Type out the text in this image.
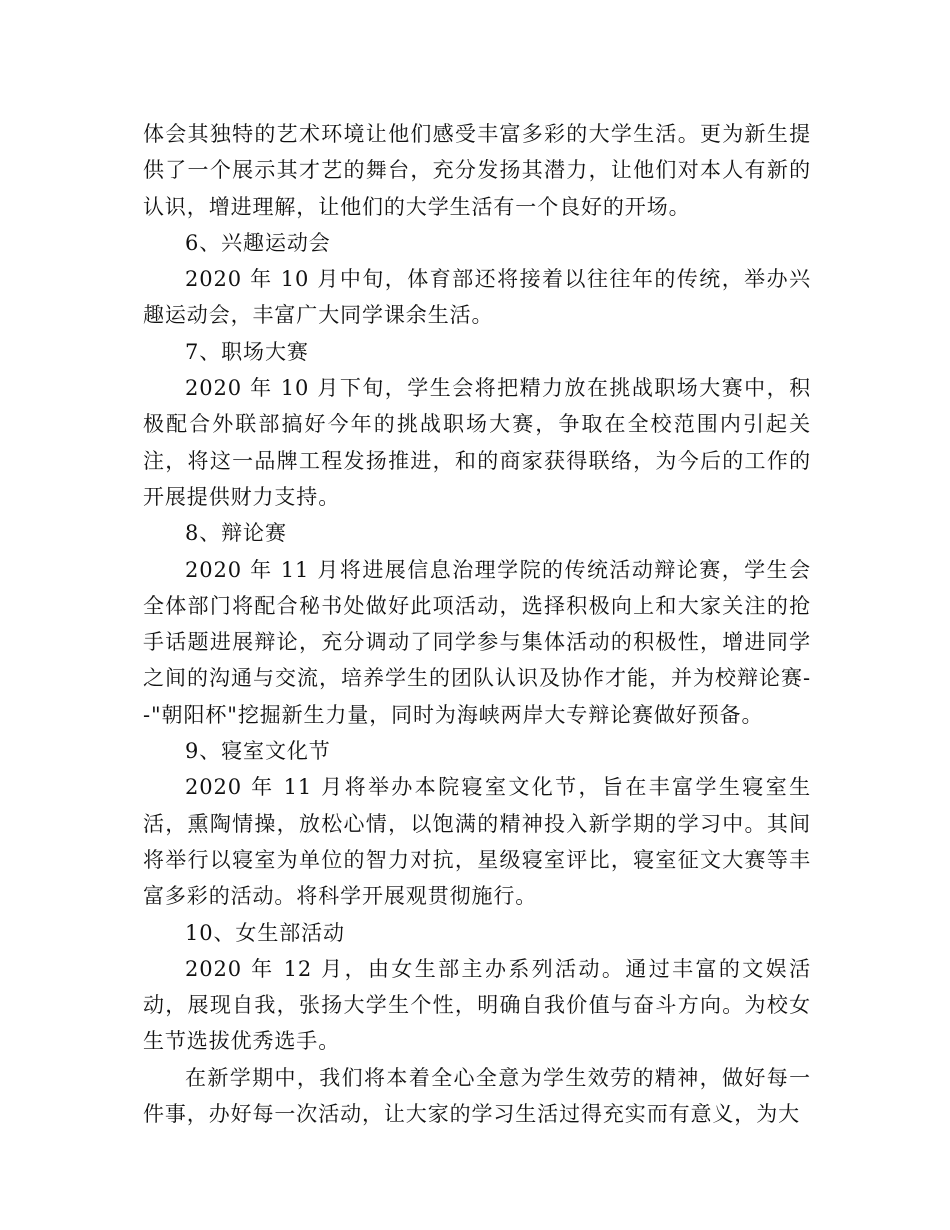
体会其独特的艺术环境让他们感受丰富多彩的大学生活。更为新生提供了一个展示其才艺的舞台，充分发扬其潜力，让他们对本人有新的认识，增进理解，让他们的大学生活有一个良好的开场。

6、兴趣运动会

2020 年 10 月中旬，体育部还将接着以往往年的传统，举办兴趣运动会，丰富广大同学课余生活。

7、职场大赛

2020 年 10 月下旬，学生会将把精力放在挑战职场大赛中，积极配合外联部搞好今年的挑战职场大赛，争取在全校范围内引起关注，将这一品牌工程发扬推进，和的商家获得联络，为今后的工作的开展提供财力支持。

8、辩论赛

2020 年 11 月将进展信息治理学院的传统活动辩论赛，学生会全体部门将配合秘书处做好此项活动，选择积极向上和大家关注的抢手话题进展辩论，充分调动了同学参与集体活动的积极性，增进同学之间的沟通与交流，培养学生的团队认识及协作才能，并为校辩论赛--"朝阳杯"挖掘新生力量，同时为海峡两岸大专辩论赛做好预备。

9、寝室文化节

2020 年 11 月将举办本院寝室文化节，旨在丰富学生寝室生活，熏陶情操，放松心情，以饱满的精神投入新学期的学习中。其间将举行以寝室为单位的智力对抗，星级寝室评比，寝室征文大赛等丰富多彩的活动。将科学开展观贯彻施行。

10、女生部活动

2020 年 12 月，由女生部主办系列活动。通过丰富的文娱活动，展现自我，张扬大学生个性，明确自我价值与奋斗方向。为校女生节选拔优秀选手。

在新学期中，我们将本着全心全意为学生效劳的精神，做好每一件事，办好每一次活动，让大家的学习生活过得充实而有意义，为大
